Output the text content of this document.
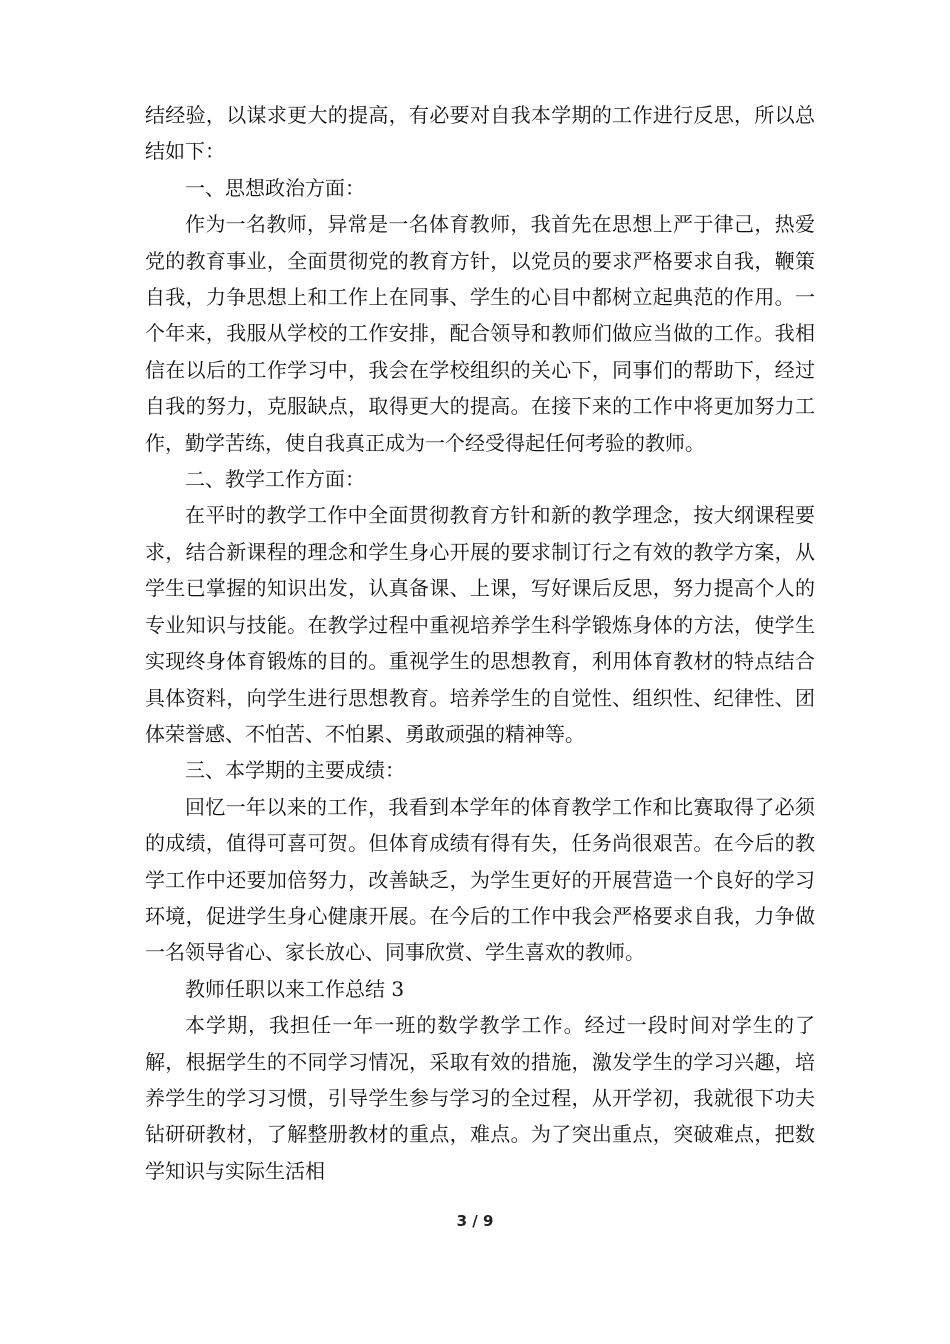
结经验，以谋求更大的提高，有必要对自我本学期的工作进行反思，所以总结如下：

一、思想政治方面：

作为一名教师，异常是一名体育教师，我首先在思想上严于律己，热爱党的教育事业，全面贯彻党的教育方针，以党员的要求严格要求自我，鞭策自我，力争思想上和工作上在同事、学生的心目中都树立起典范的作用。一个年来，我服从学校的工作安排，配合领导和教师们做应当做的工作。我相信在以后的工作学习中，我会在学校组织的关心下，同事们的帮助下，经过自我的努力，克服缺点，取得更大的提高。在接下来的工作中将更加努力工作，勤学苦练，使自我真正成为一个经受得起任何考验的教师。

二、教学工作方面：

在平时的教学工作中全面贯彻教育方针和新的教学理念，按大纲课程要求，结合新课程的理念和学生身心开展的要求制订行之有效的教学方案，从学生已掌握的知识出发，认真备课、上课，写好课后反思，努力提高个人的专业知识与技能。在教学过程中重视培养学生科学锻炼身体的方法，使学生实现终身体育锻炼的目的。重视学生的思想教育，利用体育教材的特点结合具体资料，向学生进行思想教育。培养学生的自觉性、组织性、纪律性、团体荣誉感、不怕苦、不怕累、勇敢顽强的精神等。

三、本学期的主要成绩：

回忆一年以来的工作，我看到本学年的体育教学工作和比赛取得了必须的成绩，值得可喜可贺。但体育成绩有得有失，任务尚很艰苦。在今后的教学工作中还要加倍努力，改善缺乏，为学生更好的开展营造一个良好的学习环境，促进学生身心健康开展。在今后的工作中我会严格要求自我，力争做一名领导省心、家长放心、同事欣赏、学生喜欢的教师。

教师任职以来工作总结 3

本学期，我担任一年一班的数学教学工作。经过一段时间对学生的了解，根据学生的不同学习情况，采取有效的措施，激发学生的学习兴趣，培养学生的学习习惯，引导学生参与学习的全过程，从开学初，我就很下功夫钻研研教材，了解整册教材的重点，难点。为了突出重点，突破难点，把数学知识与实际生活相

3 / 9
